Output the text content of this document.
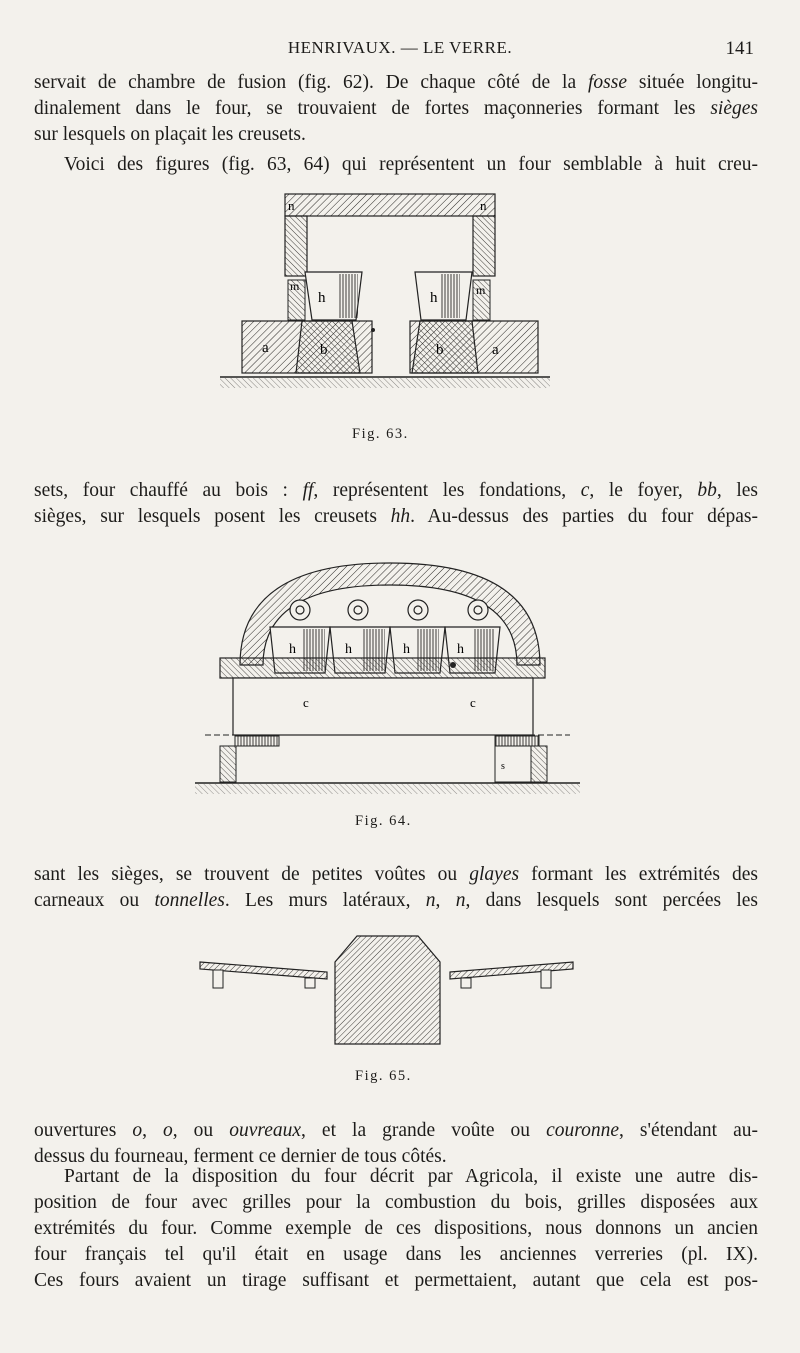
HENRIVAUX. — LE VERRE.	141
servait de chambre de fusion (fig. 62). De chaque côté de la fosse située longitu-
dinalement dans le four, se trouvaient de fortes maçonneries formant les sièges
sur lesquels on plaçait les creusets.
Voici des figures (fig. 63, 64) qui représentent un four semblable à huit creu-
n	n
m	m
h	h
a	b	b	a
Fig. 63.
sets, four chauffé au bois : ff, représentent les fondations, c, le foyer, bb, les
sièges, sur lesquels posent les creusets hh. Au-dessus des parties du four dépas-
h	h	h	h
c	c
s
Fig. 64.
sant les sièges, se trouvent de petites voûtes ou glayes formant les extrémités des
carneaux ou tonnelles. Les murs latéraux, n, n, dans lesquels sont percées les
Fig. 65.
ouvertures o, o, ou ouvreaux, et la grande voûte ou couronne, s'étendant au-
dessus du fourneau, ferment ce dernier de tous côtés.
Partant de la disposition du four décrit par Agricola, il existe une autre dis-
position de four avec grilles pour la combustion du bois, grilles disposées aux
extrémités du four. Comme exemple de ces dispositions, nous donnons un ancien
four français tel qu'il était en usage dans les anciennes verreries (pl. IX).
Ces fours avaient un tirage suffisant et permettaient, autant que cela est pos-
